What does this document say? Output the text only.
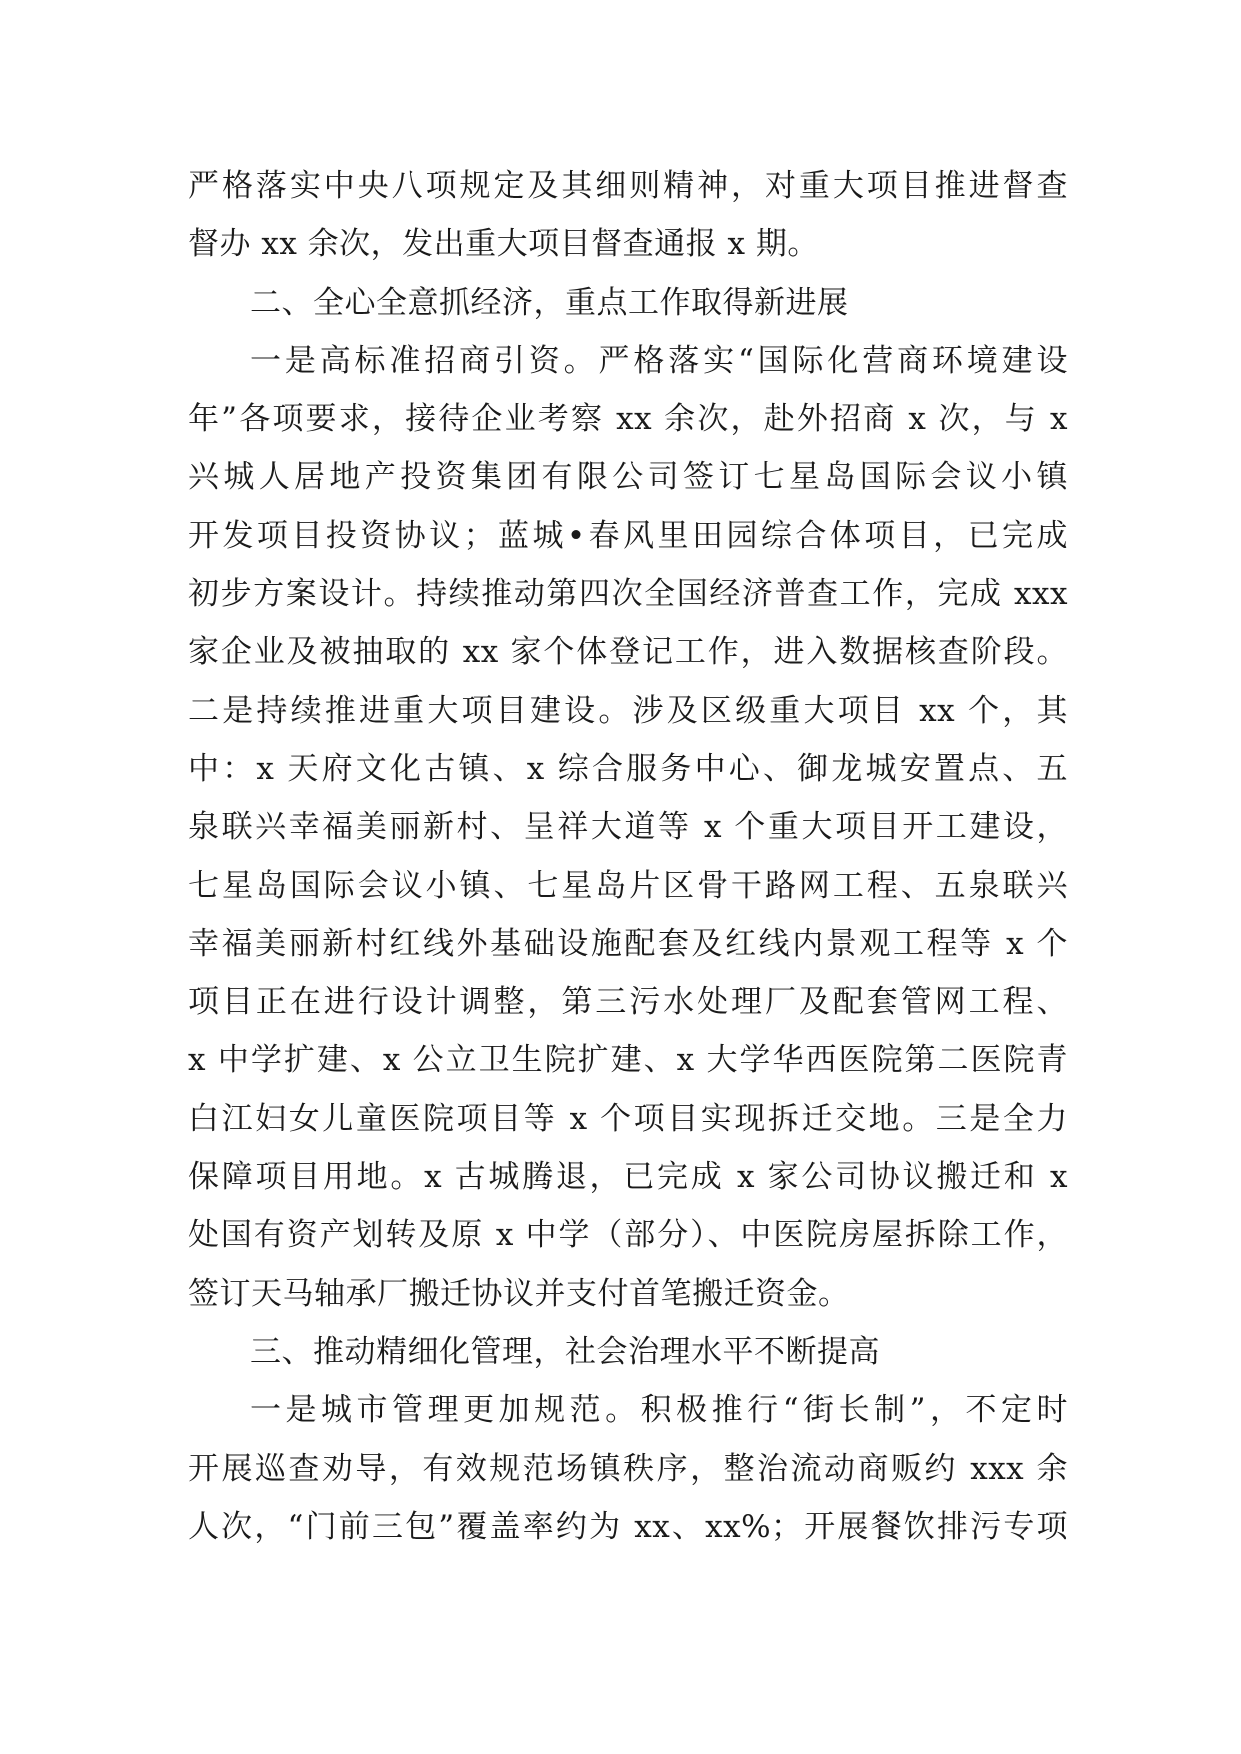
严格落实中央八项规定及其细则精神，对重大项目推进督查
督办 xx 余次，发出重大项目督查通报 x 期。
二、全心全意抓经济，重点工作取得新进展
一是高标准招商引资。严格落实“国际化营商环境建设
年”各项要求，接待企业考察 xx 余次，赴外招商 x 次，与 x
兴城人居地产投资集团有限公司签订七星岛国际会议小镇
开发项目投资协议；蓝城•春风里田园综合体项目，已完成
初步方案设计。持续推动第四次全国经济普查工作，完成 xxx
家企业及被抽取的 xx 家个体登记工作，进入数据核查阶段。
二是持续推进重大项目建设。涉及区级重大项目 xx 个，其
中：x 天府文化古镇、x 综合服务中心、御龙城安置点、五
泉联兴幸福美丽新村、呈祥大道等 x 个重大项目开工建设，
七星岛国际会议小镇、七星岛片区骨干路网工程、五泉联兴
幸福美丽新村红线外基础设施配套及红线内景观工程等 x 个
项目正在进行设计调整，第三污水处理厂及配套管网工程、
x 中学扩建、x 公立卫生院扩建、x 大学华西医院第二医院青
白江妇女儿童医院项目等 x 个项目实现拆迁交地。三是全力
保障项目用地。x 古城腾退，已完成 x 家公司协议搬迁和 x
处国有资产划转及原 x 中学（部分）、中医院房屋拆除工作，
签订天马轴承厂搬迁协议并支付首笔搬迁资金。
三、推动精细化管理，社会治理水平不断提高
一是城市管理更加规范。积极推行“街长制”，不定时
开展巡查劝导，有效规范场镇秩序，整治流动商贩约 xxx 余
人次，“门前三包”覆盖率约为 xx、xx%；开展餐饮排污专项
